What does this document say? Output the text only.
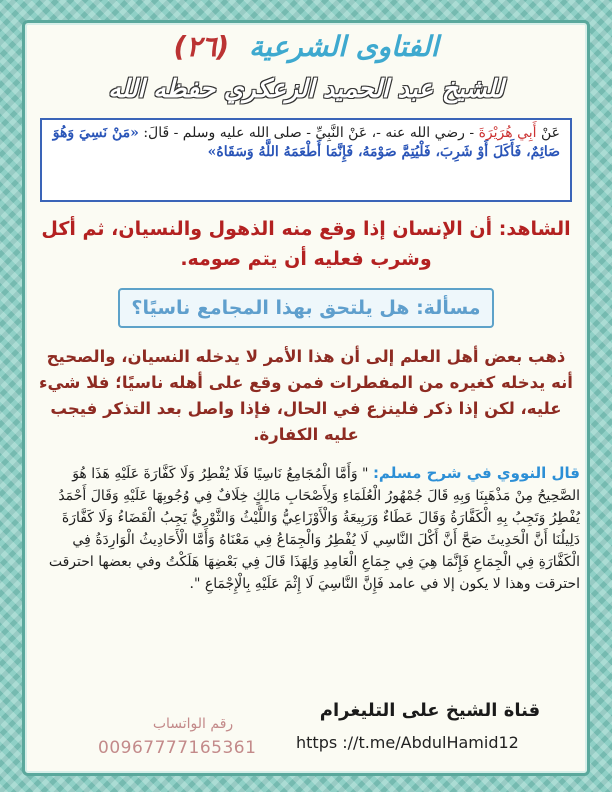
الفتاوى الشرعية (٢٦)
للشيخ عبد الحميد الزعكري حفظه الله
عَنْ أَبِي هُرَيْرَةَ - رضي الله عنه -، عَنْ النَّبِيِّ - صلى الله عليه وسلم - قَالَ: «مَنْ نَسِيَ وَهُوَ صَائِمٌ، فَأَكَلَ أَوْ شَرِبَ، فَلْيُتِمَّ صَوْمَهُ، فَإِنَّمَا أَطْعَمَهُ اللَّهُ وَسَقَاهُ»
الشاهد: أن الإنسان إذا وقع منه الذهول والنسيان، ثم أكل وشرب فعليه أن يتم صومه.
مسألة: هل يلتحق بهذا المجامع ناسيًا؟
ذهب بعض أهل العلم إلى أن هذا الأمر لا يدخله النسيان، والصحيح أنه يدخله كغيره من المفطرات فمن وقع على أهله ناسيًا؛ فلا شيء عليه، لكن إذا ذكر فلينزع في الحال، فإذا واصل بعد التذكر فيجب عليه الكفارة.
قال النووي في شرح مسلم: " وَأَمَّا الْمُجَامِعُ نَاسِيًا فَلَا يُفْطِرُ وَلَا كَفَّارَةَ عَلَيْهِ هَذَا هُوَ الصَّحِيحُ مِنْ مَذْهَبِنَا وَبِهِ قَالَ جُمْهُورُ الْعُلَمَاءِ وَلِأَصْحَابِ مَالِكٍ خِلَافٌ فِي وُجُوبِهَا عَلَيْهِ وَقَالَ أَحْمَدُ يُفْطِرُ وَتَجِبُ بِهِ الْكَفَّارَةُ وَقَالَ عَطَاءٌ وَرَبِيعَةُ وَالْأَوْزَاعِيُّ وَاللَّيْثُ وَالثَّوْرِيُّ يَجِبُ الْقَضَاءُ وَلَا كَفَّارَةَ دَلِيلُنَا أَنَّ الْحَدِيثَ صَحَّ أَنَّ أَكْلَ النَّاسِي لَا يُفْطِرُ وَالْجِمَاعُ فِي مَعْنَاهُ وَأَمَّا الْأَحَادِيثُ الْوَارِدَةُ فِي الْكَفَّارَةِ فِي الْجِمَاعِ فَإِنَّمَا هِيَ فِي جِمَاعِ الْعَامِدِ وَلِهَذَا قَالَ فِي بَعْضِهَا هَلَكْتُ وفي بعضها احترقت احترقت وهذا لا يكون إلا في عامد فَإِنَّ النَّاسِيَ لَا إِثْمَ عَلَيْهِ بِالْإِجْمَاعِ ".
قناة الشيخ على التليغرام
رقم الواتساب
00967777165361	https ://t.me/AbdulHamid12
